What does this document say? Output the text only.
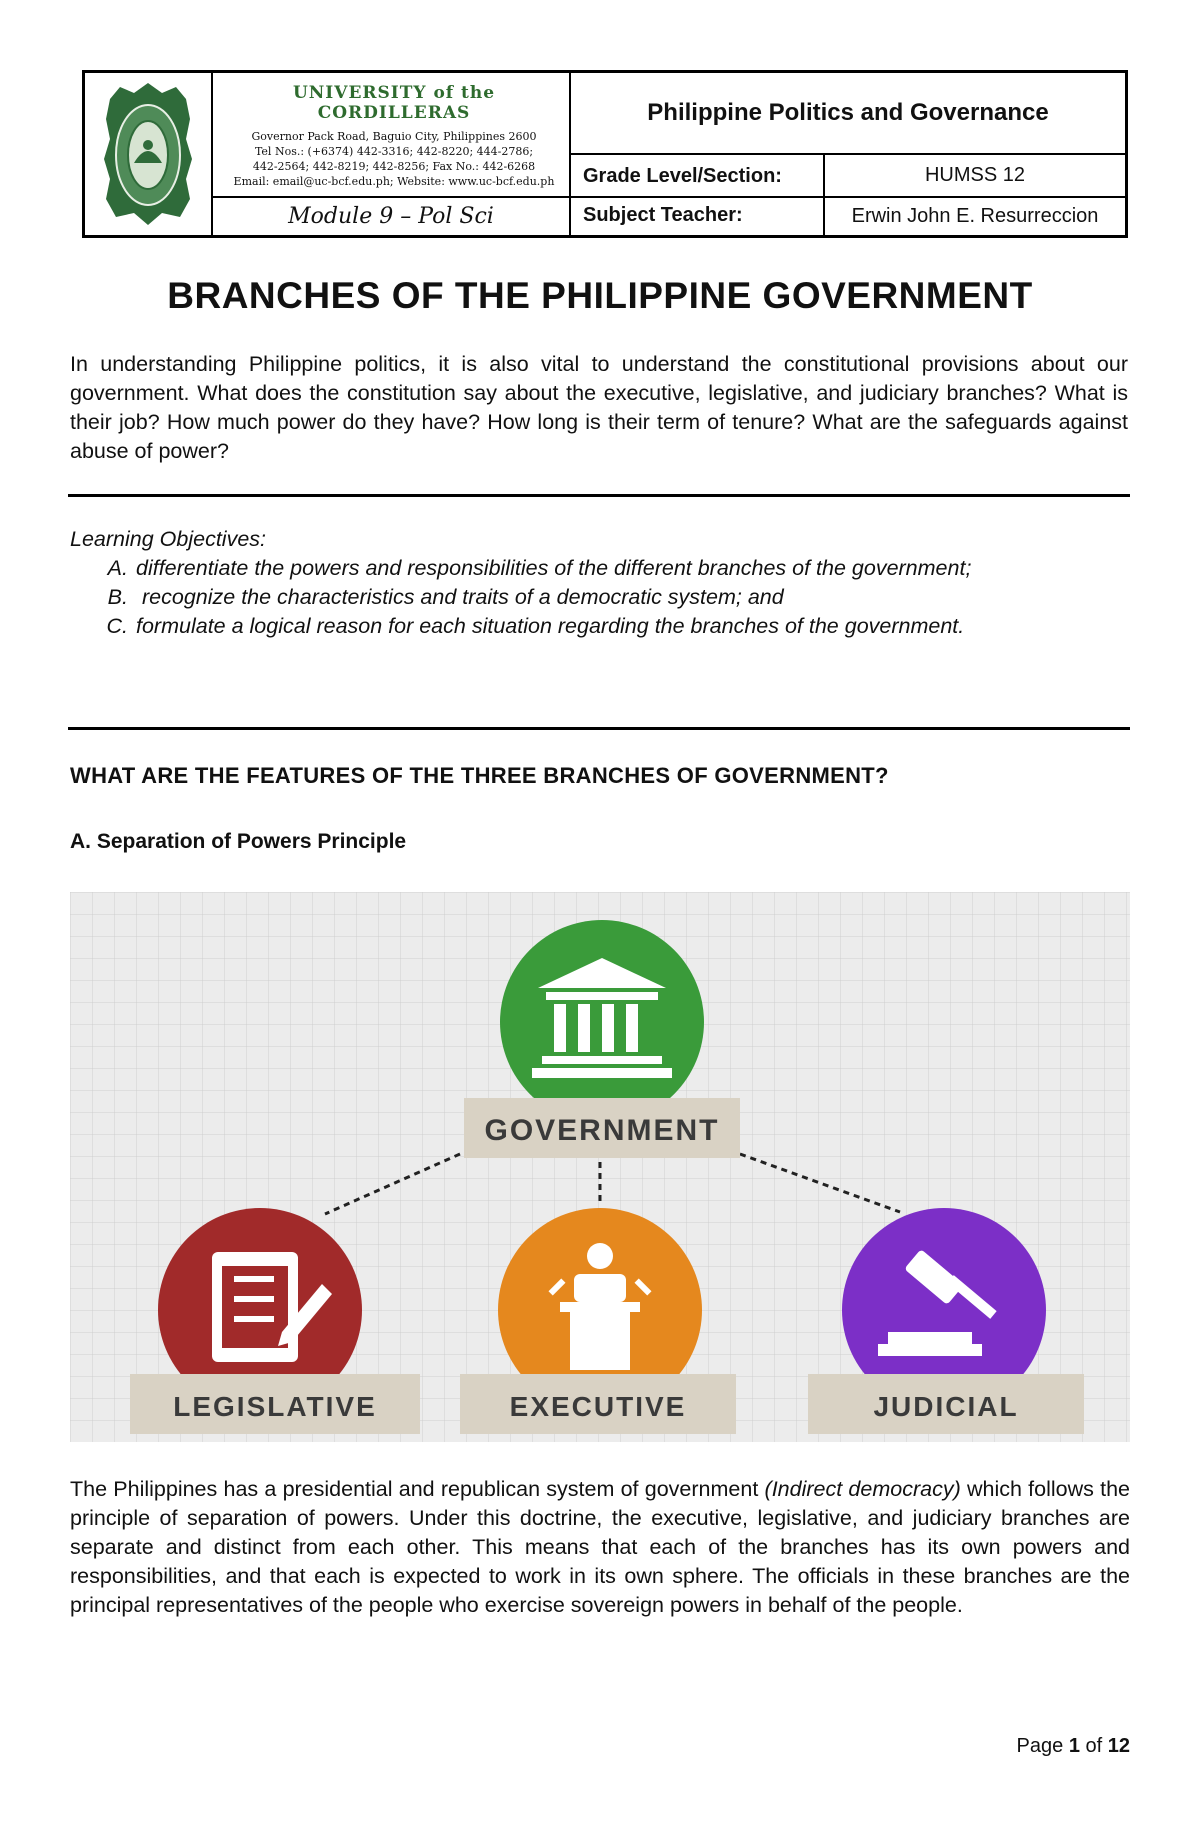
UNIVERSITY of the CORDILLERAS
Governor Pack Road, Baguio City, Philippines 2600
Tel Nos.: (+6374) 442-3316; 442-8220; 444-2786;
442-2564; 442-8219; 442-8256; Fax No.: 442-6268
Email: email@uc-bcf.edu.ph; Website: www.uc-bcf.edu.ph
Module 9 – Pol Sci
Philippine Politics and Governance
Grade Level/Section:	HUMSS 12
Subject Teacher:	Erwin John E. Resurreccion
BRANCHES OF THE PHILIPPINE GOVERNMENT
In understanding Philippine politics, it is also vital to understand the constitutional provisions about our government. What does the constitution say about the executive, legislative, and judiciary branches? What is their job? How much power do they have? How long is their term of tenure? What are the safeguards against abuse of power?
Learning Objectives:
A. differentiate the powers and responsibilities of the different branches of the government;
B. recognize the characteristics and traits of a democratic system; and
C. formulate a logical reason for each situation regarding the branches of the government.
WHAT ARE THE FEATURES OF THE THREE BRANCHES OF GOVERNMENT?
A. Separation of Powers Principle
GOVERNMENT
LEGISLATIVE	EXECUTIVE	JUDICIAL
The Philippines has a presidential and republican system of government (Indirect democracy) which follows the principle of separation of powers. Under this doctrine, the executive, legislative, and judiciary branches are separate and distinct from each other. This means that each of the branches has its own powers and responsibilities, and that each is expected to work in its own sphere. The officials in these branches are the principal representatives of the people who exercise sovereign powers in behalf of the people.
Page 1 of 12
